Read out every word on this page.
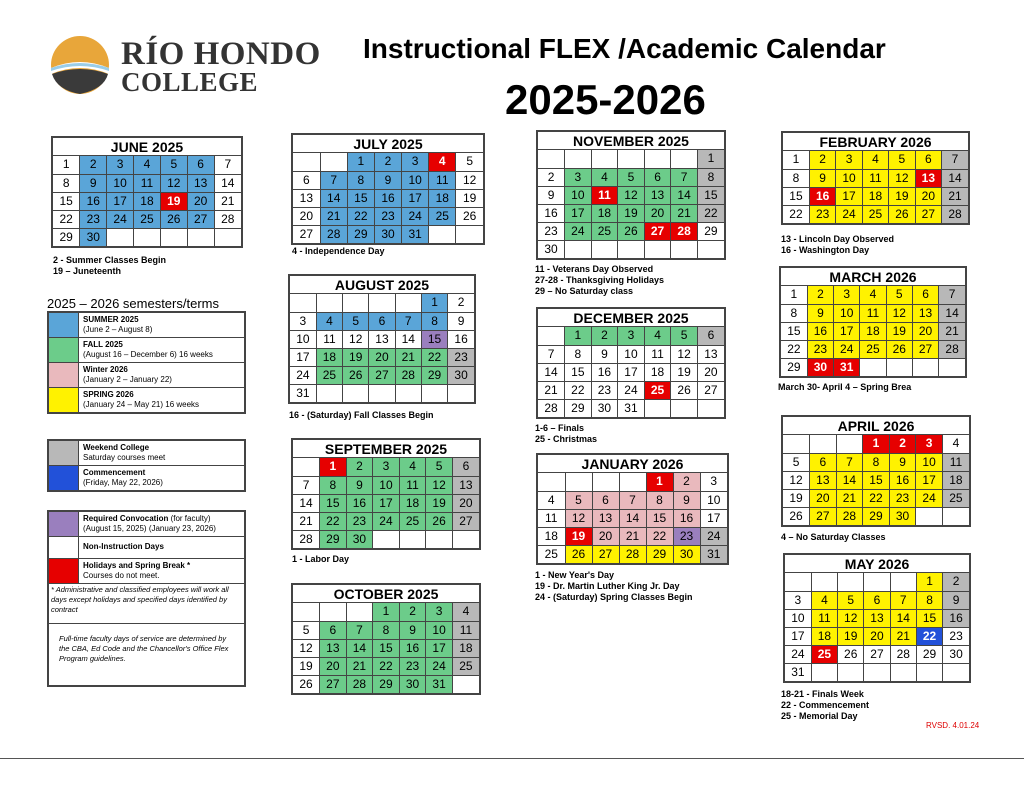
RÍO HONDO
COLLEGE
Instructional FLEX /Academic Calendar
2025-2026
JUNE 2025
1	2	3	4	5	6	7
8	9	10	11	12	13	14
15	16	17	18	19	20	21
22	23	24	25	26	27	28
29	30					
2 - Summer Classes Begin
19 – Juneteenth
JULY 2025
		1	2	3	4	5
6	7	8	9	10	11	12
13	14	15	16	17	18	19
20	21	22	23	24	25	26
27	28	29	30	31		
4 - Independence Day
AUGUST 2025
					1	2
3	4	5	6	7	8	9
10	11	12	13	14	15	16
17	18	19	20	21	22	23
24	25	26	27	28	29	30
31						
16 - (Saturday) Fall Classes Begin
SEPTEMBER 2025
	1	2	3	4	5	6
7	8	9	10	11	12	13
14	15	16	17	18	19	20
21	22	23	24	25	26	27
28	29	30				
1 - Labor Day
OCTOBER 2025
			1	2	3	4
5	6	7	8	9	10	11
12	13	14	15	16	17	18
19	20	21	22	23	24	25
26	27	28	29	30	31	
NOVEMBER 2025
						1
2	3	4	5	6	7	8
9	10	11	12	13	14	15
16	17	18	19	20	21	22
23	24	25	26	27	28	29
30						
11 - Veterans Day Observed
27-28 - Thanksgiving Holidays
29 – No Saturday class
DECEMBER 2025
	1	2	3	4	5	6
7	8	9	10	11	12	13
14	15	16	17	18	19	20
21	22	23	24	25	26	27
28	29	30	31			
1-6 – Finals
25 - Christmas
JANUARY 2026
				1	2	3
4	5	6	7	8	9	10
11	12	13	14	15	16	17
18	19	20	21	22	23	24
25	26	27	28	29	30	31
1 - New Year's Day
19 - Dr. Martin Luther King Jr. Day
24 - (Saturday) Spring Classes Begin
FEBRUARY 2026
1	2	3	4	5	6	7
8	9	10	11	12	13	14
15	16	17	18	19	20	21
22	23	24	25	26	27	28
13 - Lincoln Day Observed
16 - Washington Day
MARCH 2026
1	2	3	4	5	6	7
8	9	10	11	12	13	14
15	16	17	18	19	20	21
22	23	24	25	26	27	28
29	30	31				
March 30- April 4 – Spring Brea
APRIL 2026
			1	2	3	4
5	6	7	8	9	10	11
12	13	14	15	16	17	18
19	20	21	22	23	24	25
26	27	28	29	30		
4 – No Saturday Classes
MAY 2026
					1	2
3	4	5	6	7	8	9
10	11	12	13	14	15	16
17	18	19	20	21	22	23
24	25	26	27	28	29	30
31						
18-21 - Finals Week
22 - Commencement
25 - Memorial Day
2025 – 2026 semesters/terms
SUMMER 2025
(June 2 – August 8)
FALL 2025
(August 16 – December 6) 16 weeks
Winter 2026
(January 2 – January 22)
SPRING 2026
(January 24 – May 21) 16 weeks
Weekend College
Saturday courses meet
Commencement
(Friday, May 22, 2026)
Required Convocation (for faculty)
(August 15, 2025) (January 23, 2026)
Non-Instruction Days
Holidays and Spring Break *
Courses do not meet.
* Administrative and classified employees will work all days except holidays and specified days identified by contract
Full-time faculty days of service are determined by the CBA, Ed Code and the Chancellor's Office Flex Program guidelines.
RVSD. 4.01.24
